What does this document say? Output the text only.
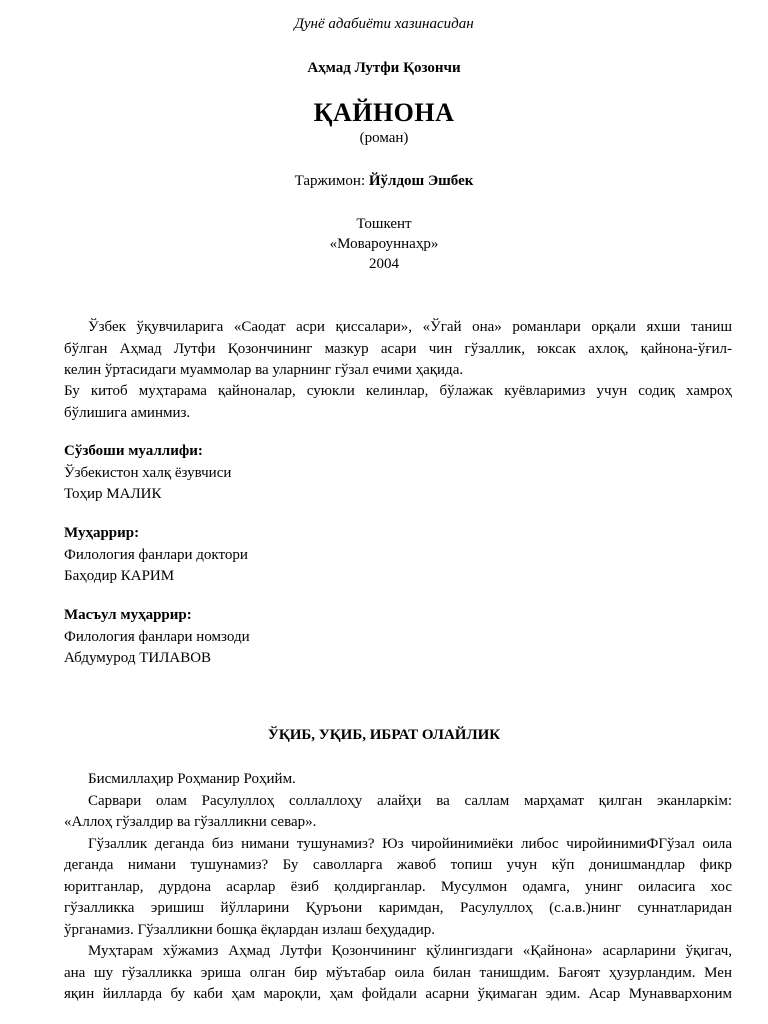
Дунё адабиёти хазинасидан
Аҳмад Лутфи Қозончи
ҚАЙНОНА
(роман)
Таржимон: Йўлдош Эшбек
Тошкент
«Мовароуннаҳр»
2004
Ўзбек ўқувчиларига «Саодат асри қиссалари», «Ўгай она» романлари орқали яхши таниш
бўлган Аҳмад Лутфи Қозончининг мазкур асари чин гўзаллик, юксак ахлоқ, қайнона-ўғил-
келин ўртасидаги муаммолар ва уларнинг гўзал ечими ҳақида.
Бу китоб муҳтарама қайноналар, суюкли келинлар, бўлажак куёвларимиз учун содиқ хамроҳ
бўлишига аминмиз.
Сўзбоши муаллифи:
Ўзбекистон халқ ёзувчиси
Тоҳир МАЛИК
Муҳаррир:
Филология фанлари доктори
Баҳодир КАРИМ
Масъул муҳаррир:
Филология фанлари номзоди
Абдумурод ТИЛАВОВ
ЎҚИБ, УҚИБ, ИБРАТ ОЛАЙЛИК
Бисмиллаҳир Роҳманир Роҳийм.
Сарвари олам Расулуллоҳ соллаллоҳу алайҳи ва саллам марҳамат қилган эканларкім:
«Аллоҳ гўзалдир ва гўзалликни севар».
Гўзаллик деганда биз нимани тушунамиз? Юз чиройинимиёки либос чиройинимиФГўзал оила
деганда нимани тушунамиз? Бу саволларга жавоб топиш учун кўп донишмандлар фикр
юритганлар, дурдона асарлар ёзиб қолдирганлар. Мусулмон одамга, унинг оиласига хос
гўзалликка эришиш йўлларини Қуръони каримдан, Расулуллоҳ (с.а.в.)нинг суннатларидан
ўрганамиз. Гўзалликни бошқа ёқлардан излаш беҳудадир.
Муҳтарам хўжамиз Аҳмад Лутфи Қозончининг қўлингиздаги «Қайнона» асарларини ўқигач,
ана шу гўзалликка эриша олган бир мўътабар оила билан танишдим. Бағоят ҳузурландим. Мен
яқин йилларда бу каби ҳам мароқли, ҳам фойдали асарни ўқимаган эдим. Асар Мунаввархоним
